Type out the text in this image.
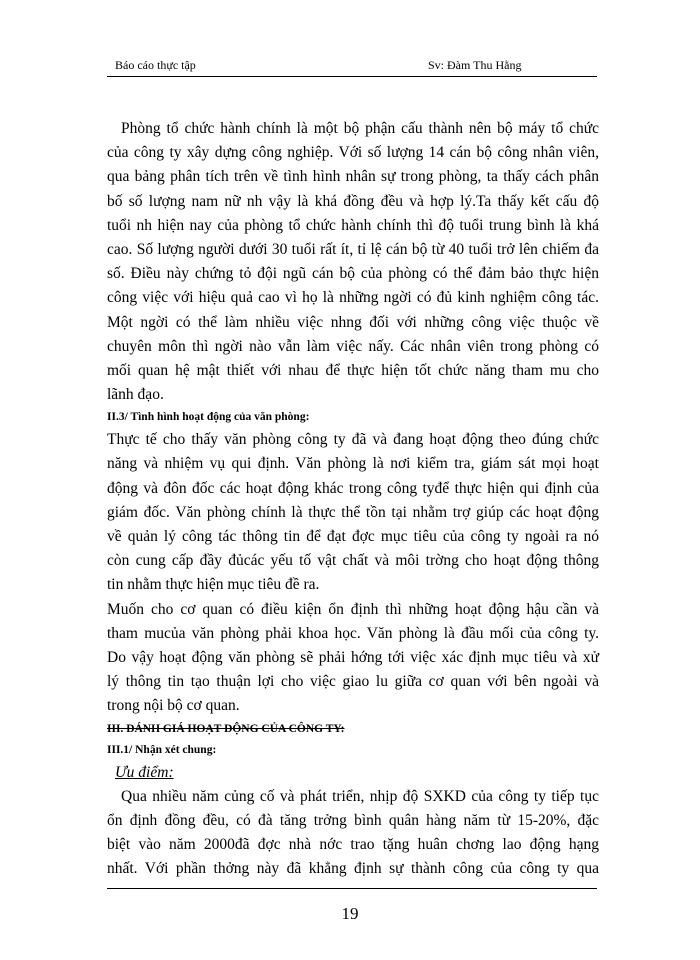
Báo cáo thực tập	Sv: Đàm Thu Hằng
Phòng tổ chức hành chính là một bộ phận cấu thành nên bộ máy tổ chức
của công ty xây dựng công nghiệp. Với số lượng 14 cán bộ công nhân viên,
qua bảng phân tích trên về tình hình nhân sự trong phòng, ta thấy cách phân
bố số lượng nam nữ nh vậy là khá đồng đều và hợp lý.Ta thấy kết cấu độ
tuổi nh hiện nay của phòng tổ chức hành chính thì độ tuổi trung bình là khá
cao. Số lượng người dưới 30 tuổi rất ít, tỉ lệ cán bộ từ 40 tuổi trở lên chiếm đa
số. Điều này chứng tỏ đội ngũ cán bộ của phòng có thể đảm bảo thực hiện
công việc với hiệu quả cao vì họ là những ngời có đủ kinh nghiệm công tác.
Một ngời có thể làm nhiều việc nhng đối với những công việc thuộc về
chuyên môn thì ngời nào vẫn làm việc nấy. Các nhân viên trong phòng có
mối quan hệ mật thiết với nhau để thực hiện tốt chức năng tham mu cho
lãnh đạo.
II.3/ Tình hình hoạt động của văn phòng:
Thực tế cho thấy văn phòng công ty đã và đang hoạt động theo đúng chức
năng và nhiệm vụ qui định. Văn phòng là nơi kiểm tra, giám sát mọi hoạt
động và đôn đốc các hoạt động khác trong công tyđể thực hiện qui định của
giám đốc. Văn phòng chính là thực thể tồn tại nhằm trợ giúp các hoạt động
về quản lý công tác thông tin để đạt đợc mục tiêu của công ty ngoài ra nó
còn cung cấp đầy đủcác yếu tố vật chất và môi trờng cho hoạt động thông
tin nhằm thực hiện mục tiêu đề ra.
Muốn cho cơ quan có điều kiện ổn định thì những hoạt động hậu cần và
tham mucủa văn phòng phải khoa học. Văn phòng là đầu mối của công ty.
Do vậy hoạt động văn phòng sẽ phải hớng tới việc xác định mục tiêu và xử
lý thông tin tạo thuận lợi cho việc giao lu giữa cơ quan với bên ngoài và
trong nội bộ cơ quan.
III. ĐÁNH GIÁ HOẠT ĐỘNG CỦA CÔNG TY:
III.1/ Nhận xét chung:
Ưu điểm:
Qua nhiều năm củng cố và phát triển, nhịp độ SXKD của công ty tiếp tục
ổn định đồng đều, có đà tăng trởng bình quân hàng năm từ 15-20%, đặc
biệt vào năm 2000đã đợc nhà nớc trao tặng huân chơng lao động hạng
nhất. Với phần thởng này đã khẳng định sự thành công của công ty qua
19
